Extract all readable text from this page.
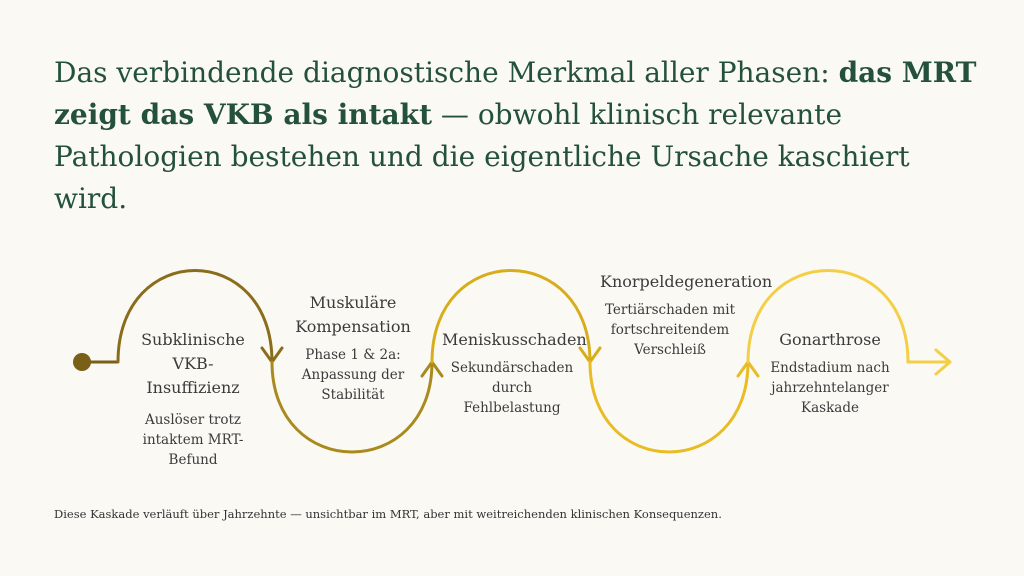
Das verbindende diagnostische Merkmal aller Phasen: das MRT zeigt das VKB als intakt — obwohl klinisch relevante Pathologien bestehen und die eigentliche Ursache kaschiert wird.
Subklinische VKB-Insuffizienz
Auslöser trotz intaktem MRT-Befund
Muskuläre Kompensation
Phase 1 & 2a: Anpassung der Stabilität
Meniskusschaden
Sekundärschaden durch Fehlbelastung
Knorpeldegeneration
Tertiärschaden mit fortschreitendem Verschleiß
Gonarthrose
Endstadium nach jahrzehntelanger Kaskade

Diese Kaskade verläuft über Jahrzehnte — unsichtbar im MRT, aber mit weitreichenden klinischen Konsequenzen.
